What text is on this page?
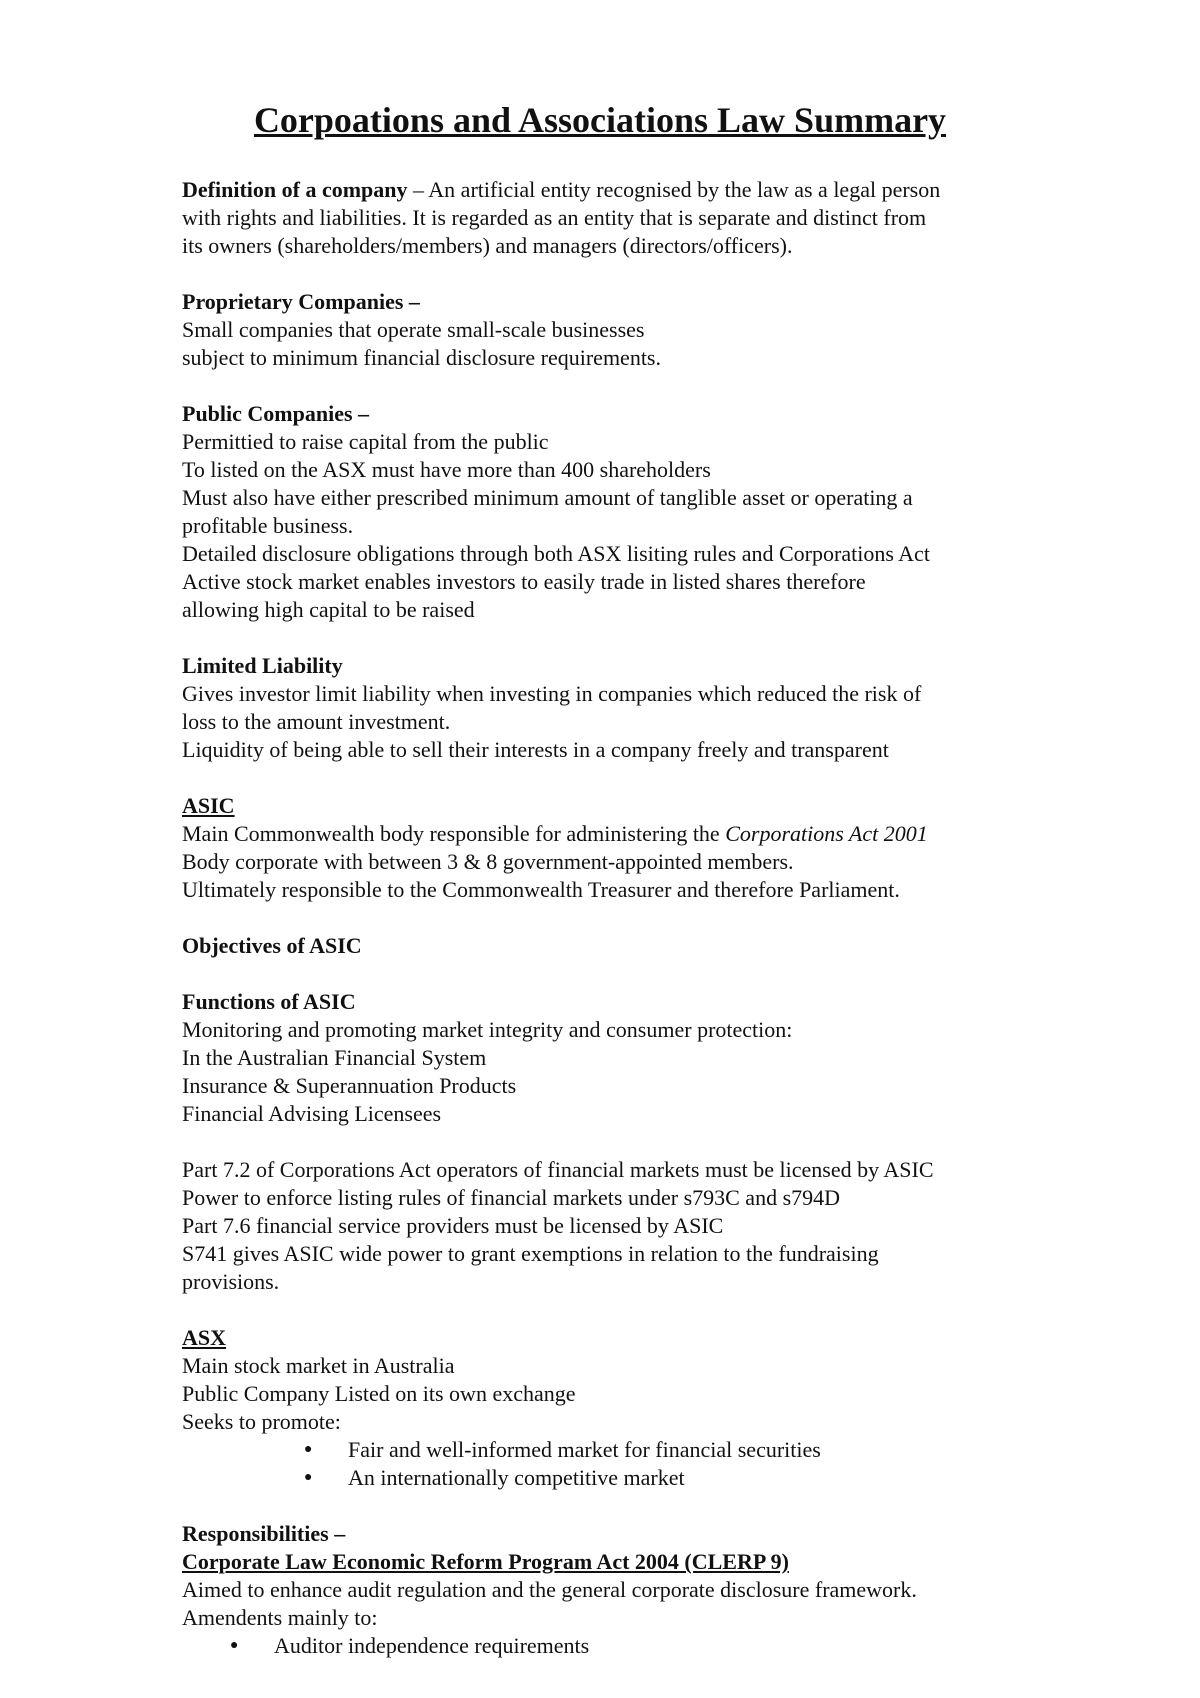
Corpoations and Associations Law Summary

Definition of a company – An artificial entity recognised by the law as a legal person

with rights and liabilities. It is regarded as an entity that is separate and distinct from

its owners (shareholders/members) and managers (directors/officers).

Proprietary Companies –

Small companies that operate small-scale businesses

subject to minimum financial disclosure requirements.

Public Companies –

Permittied to raise capital from the public

To listed on the ASX must have more than 400 shareholders

Must also have either prescribed minimum amount of tanglible asset or operating a

profitable business.

Detailed disclosure obligations through both ASX lisiting rules and Corporations Act

Active stock market enables investors to easily trade in listed shares therefore

allowing high capital to be raised

Limited Liability

Gives investor limit liability when investing in companies which reduced the risk of

loss to the amount investment.

Liquidity of being able to sell their interests in a company freely and transparent

ASIC

Main Commonwealth body responsible for administering the Corporations Act 2001

Body corporate with between 3 & 8 government-appointed members.

Ultimately responsible to the Commonwealth Treasurer and therefore Parliament.

Objectives of ASIC

Functions of ASIC

Monitoring and promoting market integrity and consumer protection:

In the Australian Financial System

Insurance & Superannuation Products

Financial Advising Licensees

Part 7.2 of Corporations Act operators of financial markets must be licensed by ASIC

Power to enforce listing rules of financial markets under s793C and s794D

Part 7.6 financial service providers must be licensed by ASIC

S741 gives ASIC wide power to grant exemptions in relation to the fundraising

provisions.

ASX

Main stock market in Australia

Public Company Listed on its own exchange

Seeks to promote:

● Fair and well-informed market for financial securities
● An internationally competitive market

Responsibilities –

Corporate Law Economic Reform Program Act 2004 (CLERP 9)

Aimed to enhance audit regulation and the general corporate disclosure framework.

Amendents mainly to:

● Auditor independence requirements
